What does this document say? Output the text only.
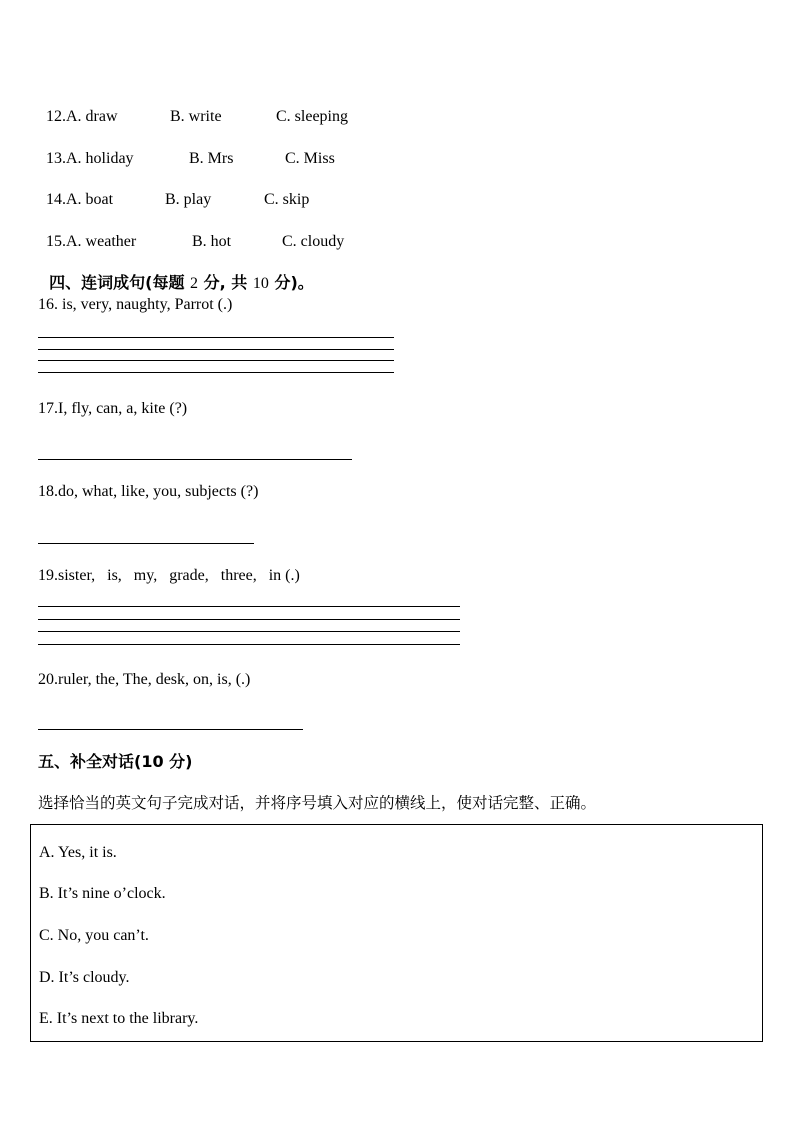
12.A. draw	B. write	C. sleeping

13.A. holiday	B. Mrs	C. Miss

14.A. boat	B. play	C. skip

15.A. weather	B. hot	C. cloudy

四、连词成句(每题 2 分, 共 10 分)。

16. is, very, naughty, Parrot (.)
17.I, fly, can, a, kite (?)
18.do, what, like, you, subjects (?)
19.sister,   is,   my,   grade,   three,   in (.)
20.ruler, the, The, desk, on, is, (.)
五、补全对话(10 分)
选择恰当的英文句子完成对话，并将序号填入对应的横线上，使对话完整、正确。
A. Yes, it is.
B. It’s nine o’clock.
C. No, you can’t.
D. It’s cloudy.
E. It’s next to the library.
